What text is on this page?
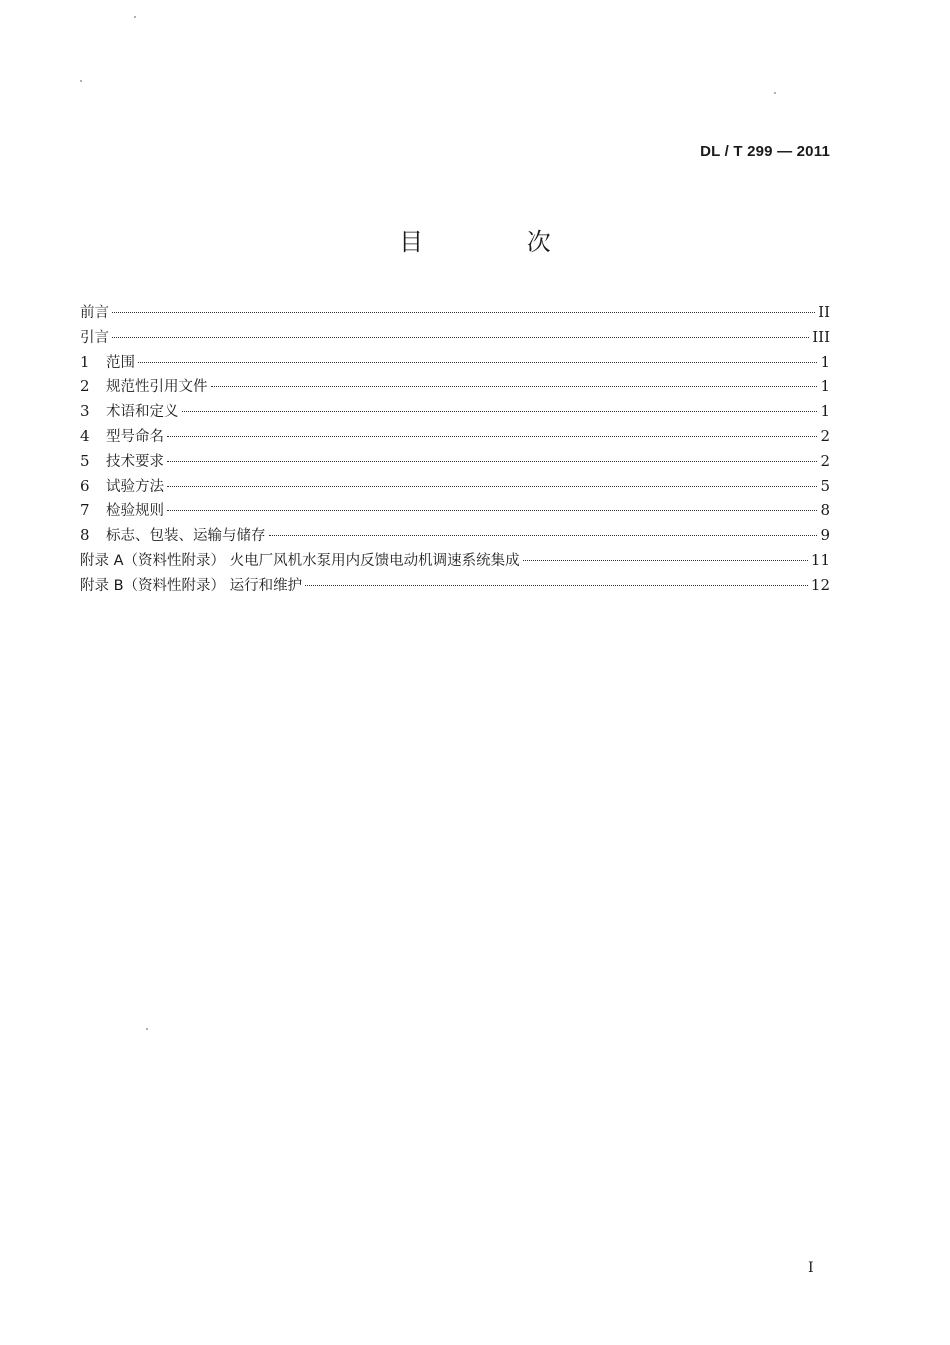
DL / T 299 — 2011
目 次
前言	II
引言	III
1	范围	1
2	规范性引用文件	1
3	术语和定义	1
4	型号命名	2
5	技术要求	2
6	试验方法	5
7	检验规则	8
8	标志、包装、运输与储存	9
附录 A（资料性附录） 火电厂风机水泵用内反馈电动机调速系统集成	11
附录 B（资料性附录） 运行和维护	12
I
